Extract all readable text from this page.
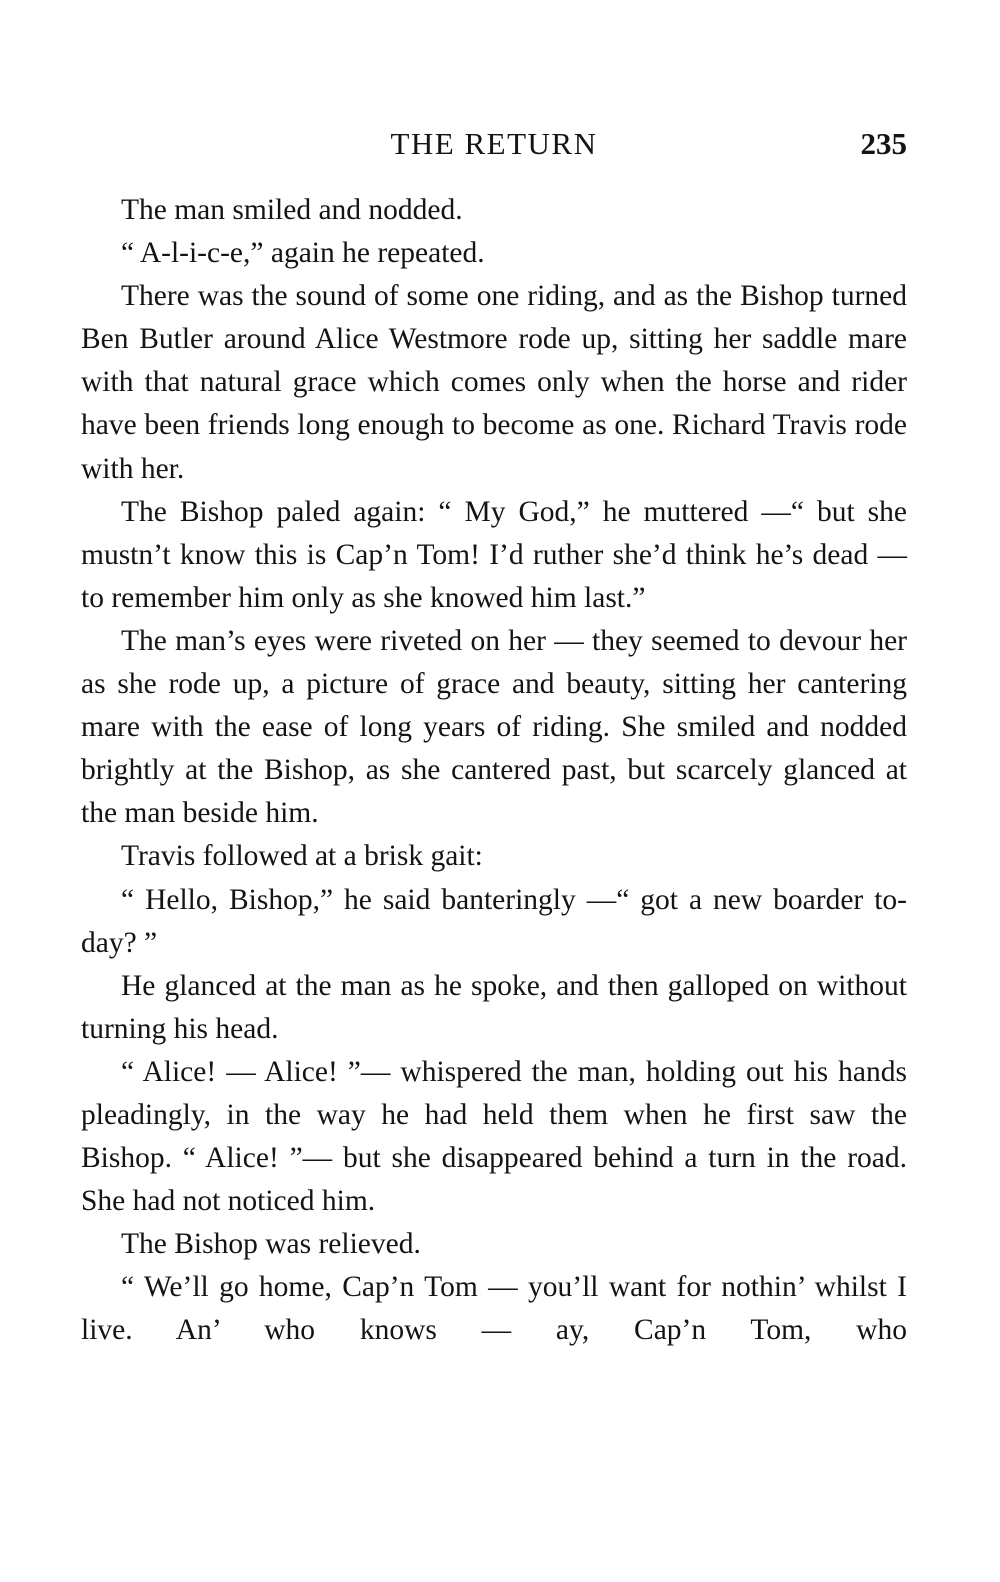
THE RETURN	235

The man smiled and nodded.

“ A-l-i-c-e,” again he repeated.

There was the sound of some one riding, and as the Bishop turned Ben Butler around Alice Westmore rode up, sitting her saddle mare with that natural grace which comes only when the horse and rider have been friends long enough to become as one. Richard Travis rode with her.

The Bishop paled again: “ My God,” he muttered —“ but she mustn’t know this is Cap’n Tom! I’d ruther she’d think he’s dead — to remember him only as she knowed him last.”

The man’s eyes were riveted on her — they seemed to devour her as she rode up, a picture of grace and beauty, sitting her cantering mare with the ease of long years of riding. She smiled and nodded brightly at the Bishop, as she cantered past, but scarcely glanced at the man beside him.

Travis followed at a brisk gait:

“ Hello, Bishop,” he said banteringly —“ got a new boarder to-day? ”

He glanced at the man as he spoke, and then galloped on without turning his head.

“ Alice! — Alice! ”— whispered the man, holding out his hands pleadingly, in the way he had held them when he first saw the Bishop. “ Alice! ”— but she disappeared behind a turn in the road. She had not noticed him.

The Bishop was relieved.

“ We’ll go home, Cap’n Tom — you’ll want for nothin’ whilst I live. An’ who knows — ay, Cap’n Tom, who
